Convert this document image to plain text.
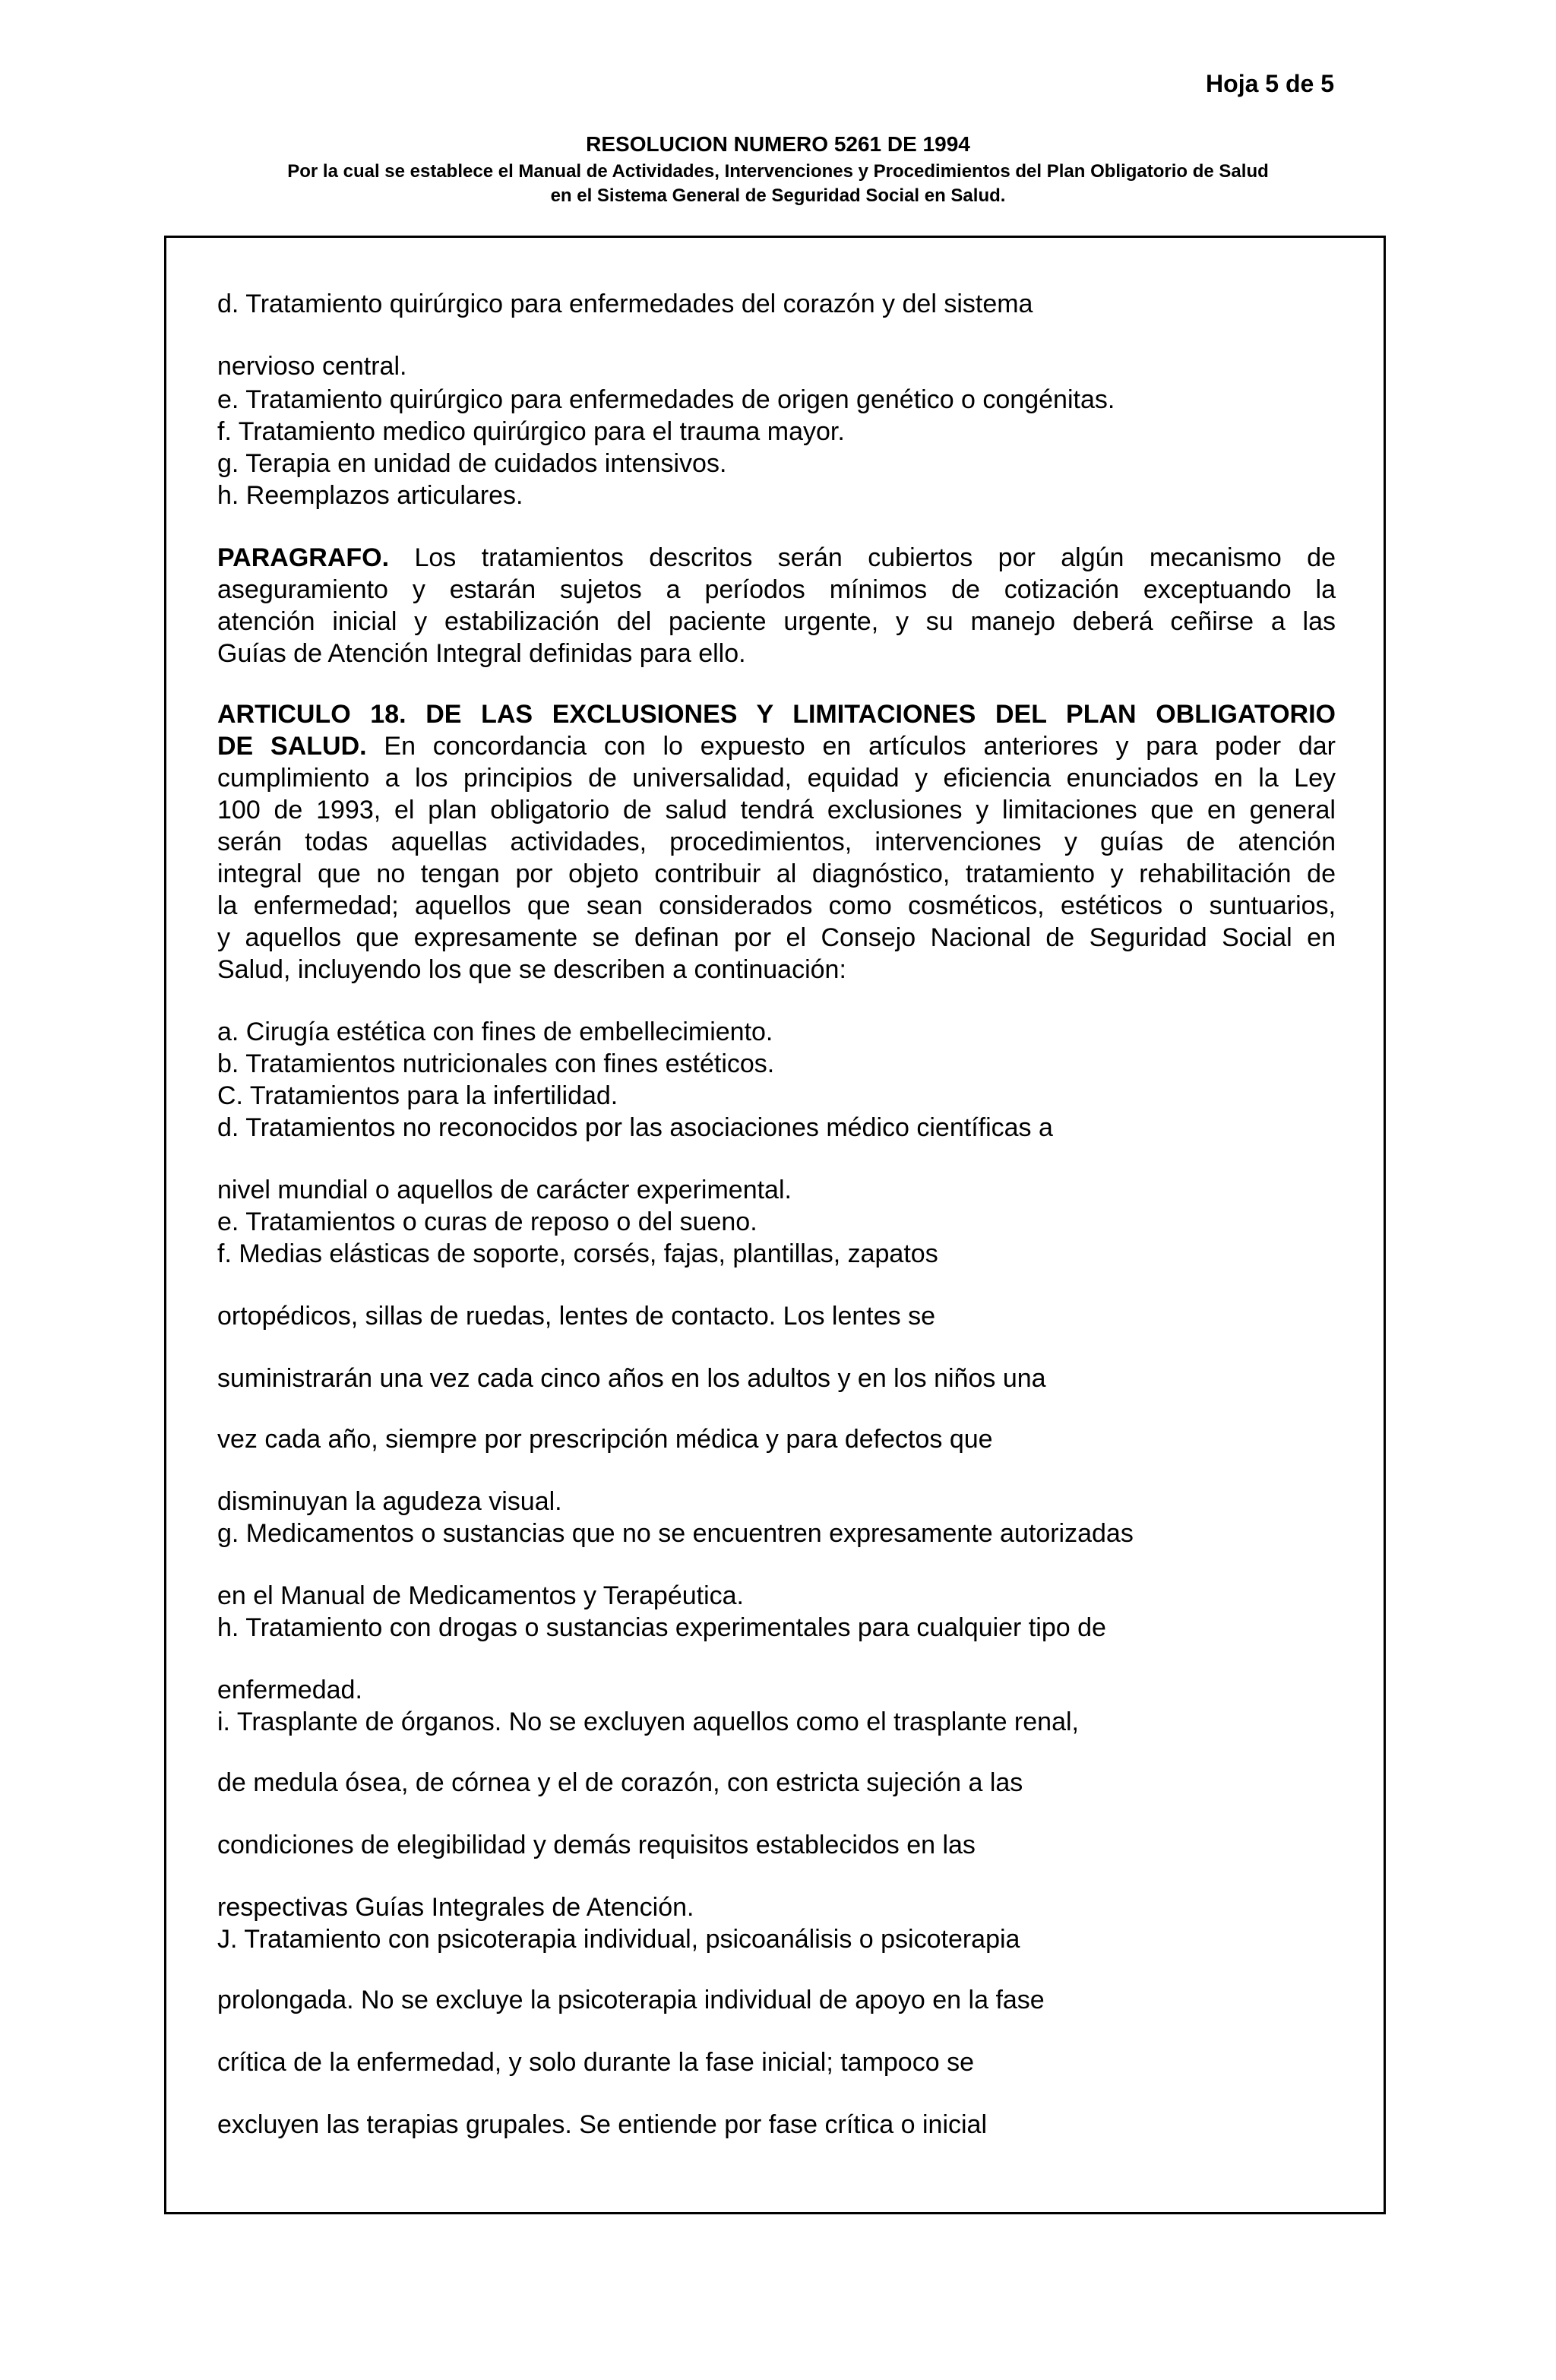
Hoja 5 de 5
RESOLUCION NUMERO 5261 DE 1994
Por la cual se establece el Manual de Actividades, Intervenciones y Procedimientos del Plan Obligatorio de Salud
en el Sistema General de Seguridad Social en Salud.
d. Tratamiento quirúrgico para enfermedades del corazón y del sistema
nervioso central.
e. Tratamiento quirúrgico para enfermedades de origen genético o congénitas.
f. Tratamiento medico quirúrgico para el trauma mayor.
g. Terapia en unidad de cuidados intensivos.
h. Reemplazos articulares.
PARAGRAFO. Los tratamientos descritos serán cubiertos por algún mecanismo de
aseguramiento y estarán sujetos a períodos mínimos de cotización exceptuando la
atención inicial y estabilización del paciente urgente, y su manejo deberá ceñirse a las
Guías de Atención Integral definidas para ello.
ARTICULO 18. DE LAS EXCLUSIONES Y LIMITACIONES DEL PLAN OBLIGATORIO
DE SALUD. En concordancia con lo expuesto en artículos anteriores y para poder dar
cumplimiento a los principios de universalidad, equidad y eficiencia enunciados en la Ley
100 de 1993, el plan obligatorio de salud tendrá exclusiones y limitaciones que en general
serán todas aquellas actividades, procedimientos, intervenciones y guías de atención
integral que no tengan por objeto contribuir al diagnóstico, tratamiento y rehabilitación de
la enfermedad; aquellos que sean considerados como cosméticos, estéticos o suntuarios,
y aquellos que expresamente se definan por el Consejo Nacional de Seguridad Social en
Salud, incluyendo los que se describen a continuación:
a. Cirugía estética con fines de embellecimiento.
b. Tratamientos nutricionales con fines estéticos.
C. Tratamientos para la infertilidad.
d. Tratamientos no reconocidos por las asociaciones médico científicas a
nivel mundial o aquellos de carácter experimental.
e. Tratamientos o curas de reposo o del sueno.
f. Medias elásticas de soporte, corsés, fajas, plantillas, zapatos
ortopédicos, sillas de ruedas, lentes de contacto. Los lentes se
suministrarán una vez cada cinco años en los adultos y en los niños una
vez cada año, siempre por prescripción médica y para defectos que
disminuyan la agudeza visual.
g. Medicamentos o sustancias que no se encuentren expresamente autorizadas
en el Manual de Medicamentos y Terapéutica.
h. Tratamiento con drogas o sustancias experimentales para cualquier tipo de
enfermedad.
i. Trasplante de órganos. No se excluyen aquellos como el trasplante renal,
de medula ósea, de córnea y el de corazón, con estricta sujeción a las
condiciones de elegibilidad y demás requisitos establecidos en las
respectivas Guías Integrales de Atención.
J. Tratamiento con psicoterapia individual, psicoanálisis o psicoterapia
prolongada. No se excluye la psicoterapia individual de apoyo en la fase
crítica de la enfermedad, y solo durante la fase inicial; tampoco se
excluyen las terapias grupales. Se entiende por fase crítica o inicial
